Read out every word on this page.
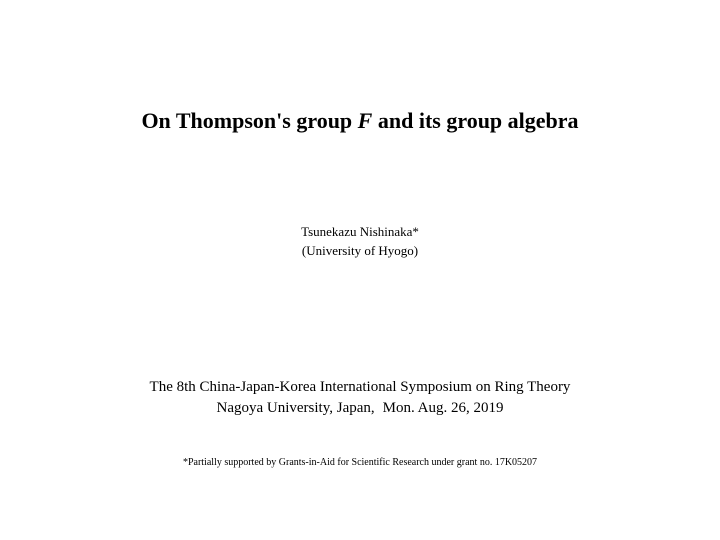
On Thompson's group F and its group algebra
Tsunekazu Nishinaka*
(University of Hyogo)
The 8th China-Japan-Korea International Symposium on Ring Theory
Nagoya University, Japan, Mon. Aug. 26, 2019
*Partially supported by Grants-in-Aid for Scientific Research under grant no. 17K05207
